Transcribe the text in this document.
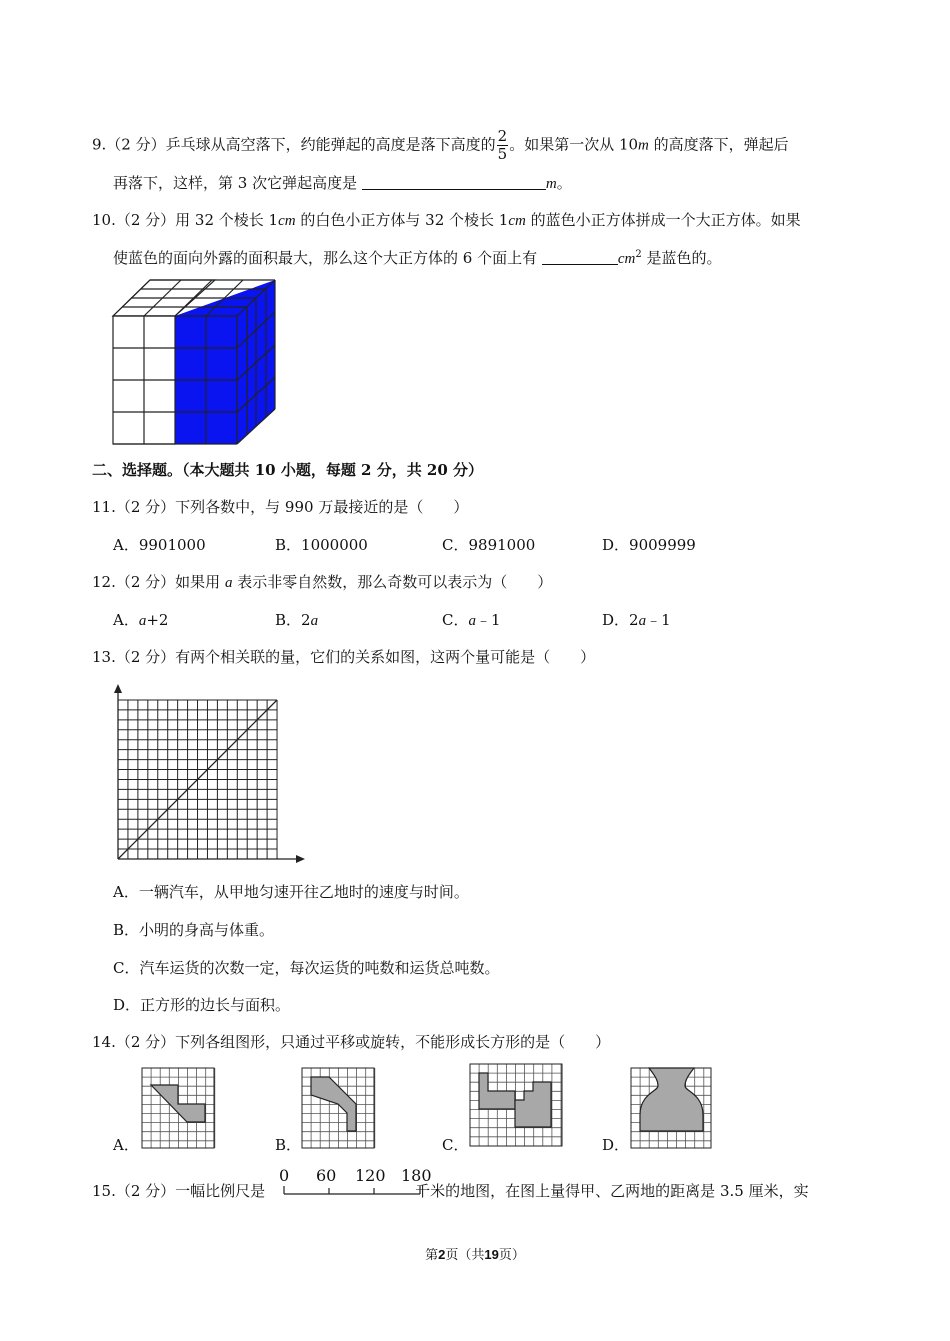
9.（2 分）乒乓球从高空落下，约能弹起的高度是落下高度的 $\frac{2}{5}$ 。如果第一次从 10m 的高度落下，弹起后
再落下，这样，第 3 次它弹起高度是	m。
10.（2 分）用 32 个棱长 1cm 的白色小正方体与 32 个棱长 1cm 的蓝色小正方体拼成一个大正方体。如果
使蓝色的面向外露的面积最大，那么这个大正方体的 6 个面上有	$cm^2$ 是蓝色的。
二、选择题。（本大题共 10 小题，每题 2 分，共 20 分）
11.（2 分）下列各数中，与 990 万最接近的是（　　）
A．9901000	B．1000000	C．9891000	D．9009999
12.（2 分）如果用 a 表示非零自然数，那么奇数可以表示为（　　）
A．a+2	B．2a	C．a﹣1	D．2a﹣1
13.（2 分）有两个相关联的量，它们的关系如图，这两个量可能是（　　）
A．一辆汽车，从甲地匀速开往乙地时的速度与时间。
B．小明的身高与体重。
C．汽车运货的次数一定，每次运货的吨数和运货总吨数。
D．正方形的边长与面积。
14.（2 分）下列各组图形，只通过平移或旋转，不能形成长方形的是（　　）
A．	B．	C．	D．
15.（2 分）一幅比例尺是	千米的地图，在图上量得甲、乙两地的距离是 3.5 厘米，实
0 60 120 180
第2页（共19页）
